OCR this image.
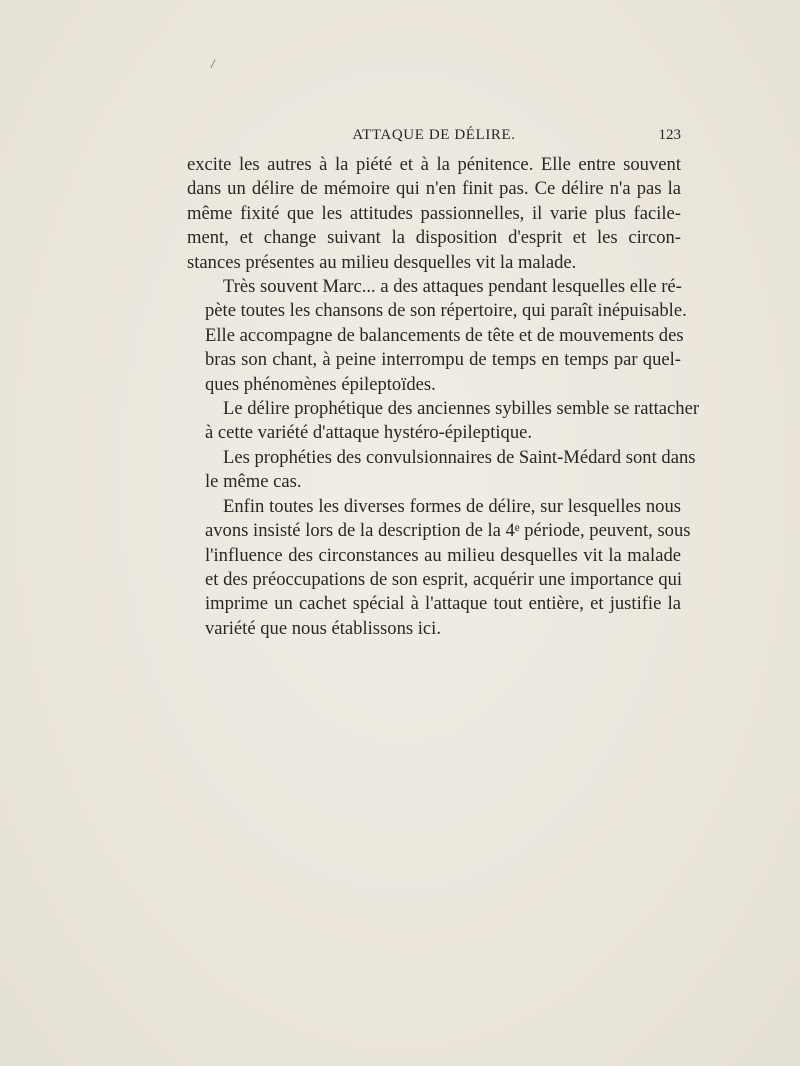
/
ATTAQUE DE DÉLIRE.	123

excite les autres à la piété et à la pénitence. Elle entre souvent
dans un délire de mémoire qui n'en finit pas. Ce délire n'a pas la
même fixité que les attitudes passionnelles, il varie plus facile-
ment, et change suivant la disposition d'esprit et les circon-
stances présentes au milieu desquelles vit la malade.

Très souvent Marc... a des attaques pendant lesquelles elle ré-
pète toutes les chansons de son répertoire, qui paraît inépuisable.
Elle accompagne de balancements de tête et de mouvements des
bras son chant, à peine interrompu de temps en temps par quel-
ques phénomènes épileptoïdes.

Le délire prophétique des anciennes sybilles semble se rattacher
à cette variété d'attaque hystéro-épileptique.

Les prophéties des convulsionnaires de Saint-Médard sont dans
le même cas.

Enfin toutes les diverses formes de délire, sur lesquelles nous
avons insisté lors de la description de la 4ᵉ période, peuvent, sous
l'influence des circonstances au milieu desquelles vit la malade
et des préoccupations de son esprit, acquérir une importance qui
imprime un cachet spécial à l'attaque tout entière, et justifie la
variété que nous établissons ici.
